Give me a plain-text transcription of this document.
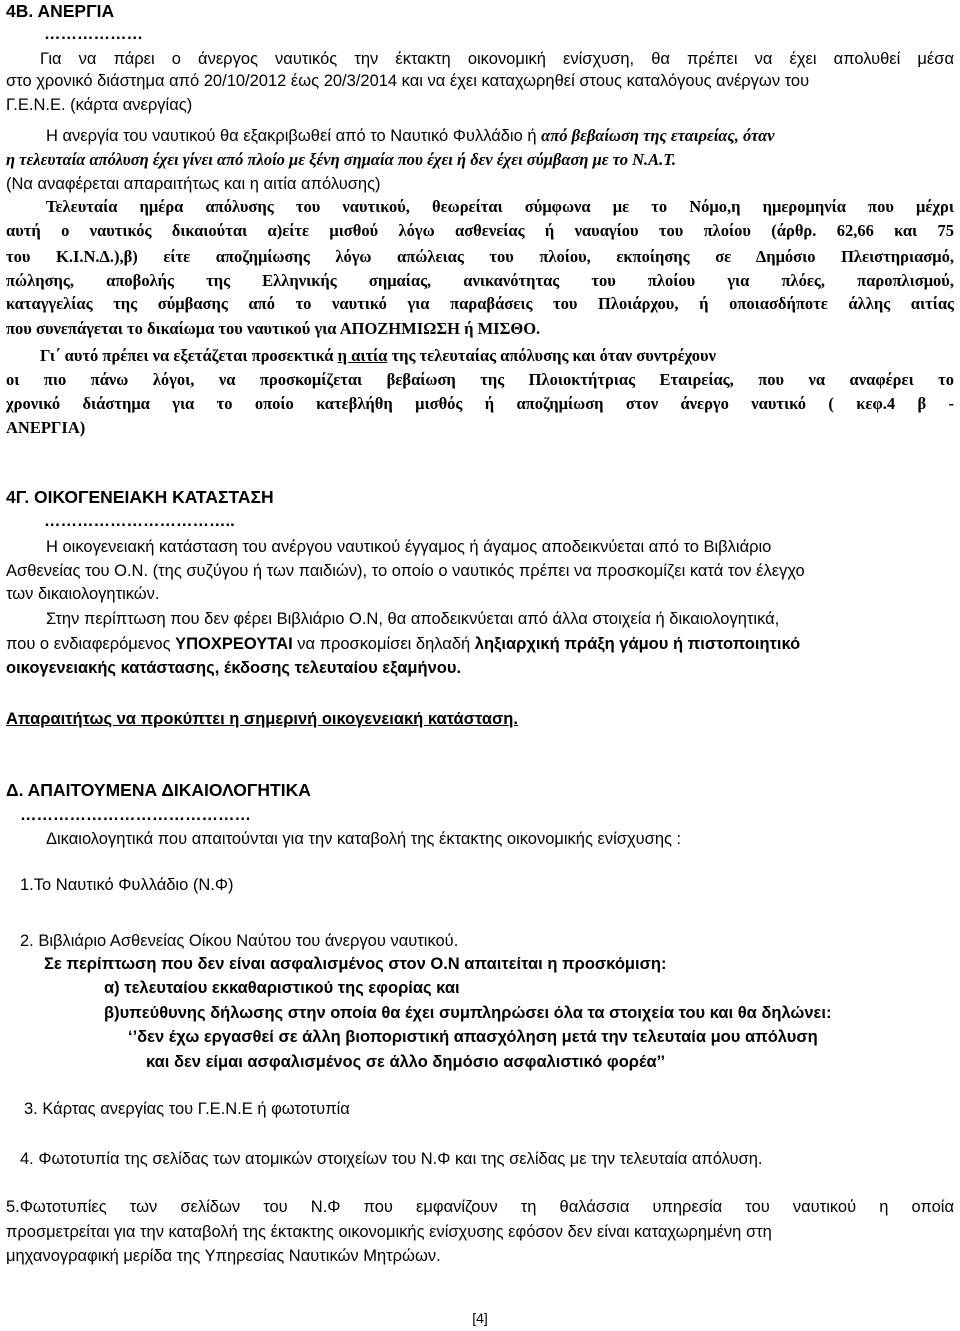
4Β. ΑΝΕΡΓΙΑ
………………
Για να πάρει ο άνεργος ναυτικός την έκτακτη οικονομική ενίσχυση, θα πρέπει να έχει απολυθεί μέσα
στο χρονικό διάστημα από 20/10/2012 έως 20/3/2014 και να έχει καταχωρηθεί στους καταλόγους ανέργων του
Γ.Ε.Ν.Ε. (κάρτα ανεργίας)
Η ανεργία του ναυτικού θα εξακριβωθεί από το Ναυτικό Φυλλάδιο ή από βεβαίωση της εταιρείας, όταν
η τελευταία απόλυση έχει γίνει από πλοίο με ξένη σημαία που έχει ή δεν έχει σύμβαση με το Ν.Α.Τ.
(Να αναφέρεται απαραιτήτως και η αιτία απόλυσης)
Τελευταία ημέρα απόλυσης του ναυτικού, θεωρείται σύμφωνα με το Νόμο,η ημερομηνία που μέχρι
αυτή ο ναυτικός δικαιούται α)είτε μισθού λόγω ασθενείας ή ναυαγίου του πλοίου (άρθρ. 62,66 και 75
του Κ.Ι.Ν.Δ.),β) είτε αποζημίωσης λόγω απώλειας του πλοίου, εκποίησης σε Δημόσιο Πλειστηριασμό,
πώλησης, αποβολής της Ελληνικής σημαίας, ανικανότητας του πλοίου για πλόες, παροπλισμού,
καταγγελίας της σύμβασης από το ναυτικό για παραβάσεις του Πλοιάρχου, ή οποιασδήποτε άλλης αιτίας
που συνεπάγεται το δικαίωμα του ναυτικού για ΑΠΟΖΗΜΙΩΣΗ ή ΜΙΣΘΟ.
Γι΄ αυτό πρέπει να εξετάζεται προσεκτικά η αιτία της τελευταίας απόλυσης και όταν συντρέχουν
οι πιο πάνω λόγοι, να προσκομίζεται βεβαίωση της Πλοιοκτήτριας Εταιρείας, που να αναφέρει το
χρονικό διάστημα για το οποίο κατεβλήθη μισθός ή αποζημίωση στον άνεργο ναυτικό ( κεφ.4 β -
ΑΝΕΡΓΙΑ)
4Γ. ΟΙΚΟΓΕΝΕΙΑΚΗ ΚΑΤΑΣΤΑΣΗ
……………………………..
Η οικογενειακή κατάσταση του ανέργου ναυτικού έγγαμος ή άγαμος αποδεικνύεται από το Βιβλιάριο
Ασθενείας του Ο.Ν. (της συζύγου ή των παιδιών), το οποίο ο ναυτικός πρέπει να προσκομίζει κατά τον έλεγχο
των δικαιολογητικών.
Στην περίπτωση που δεν φέρει Βιβλιάριο Ο.Ν, θα αποδεικνύεται από άλλα στοιχεία ή δικαιολογητικά,
που ο ενδιαφερόμενος ΥΠΟΧΡΕΟΥΤΑΙ να προσκομίσει δηλαδή ληξιαρχική πράξη γάμου ή πιστοποιητικό
οικογενειακής κατάστασης, έκδοσης τελευταίου εξαμήνου.
Απαραιτήτως να προκύπτει η σημερινή οικογενειακή κατάσταση.
Δ. ΑΠΑΙΤΟΥΜΕΝΑ ΔΙΚΑΙΟΛΟΓΗΤΙΚΑ
……………………………………
Δικαιολογητικά που απαιτούνται για την καταβολή της έκτακτης οικονομικής ενίσχυσης :
1.Το Ναυτικό Φυλλάδιο (Ν.Φ)
2. Βιβλιάριο Ασθενείας Οίκου Ναύτου του άνεργου ναυτικού.
Σε περίπτωση που δεν είναι ασφαλισμένος στον Ο.Ν απαιτείται η προσκόμιση:
α) τελευταίου εκκαθαριστικού της εφορίας και
β)υπεύθυνης δήλωσης στην οποία θα έχει συμπληρώσει όλα τα στοιχεία του και θα δηλώνει:
‘’δεν έχω εργασθεί σε άλλη βιοποριστική απασχόληση μετά την τελευταία μου απόλυση
και δεν είμαι ασφαλισμένος σε άλλο δημόσιο ασφαλιστικό φορέα’’
3. Κάρτας ανεργίας του Γ.Ε.Ν.Ε ή φωτοτυπία
4. Φωτοτυπία της σελίδας των ατομικών στοιχείων του Ν.Φ και της σελίδας με την τελευταία απόλυση.
5.Φωτοτυπίες των σελίδων του Ν.Φ που εμφανίζουν τη θαλάσσια υπηρεσία του ναυτικού η οποία
προσμετρείται για την καταβολή της έκτακτης οικονομικής ενίσχυσης εφόσον δεν είναι καταχωρημένη στη
μηχανογραφική μερίδα της Υπηρεσίας Ναυτικών Μητρώων.
[4]
